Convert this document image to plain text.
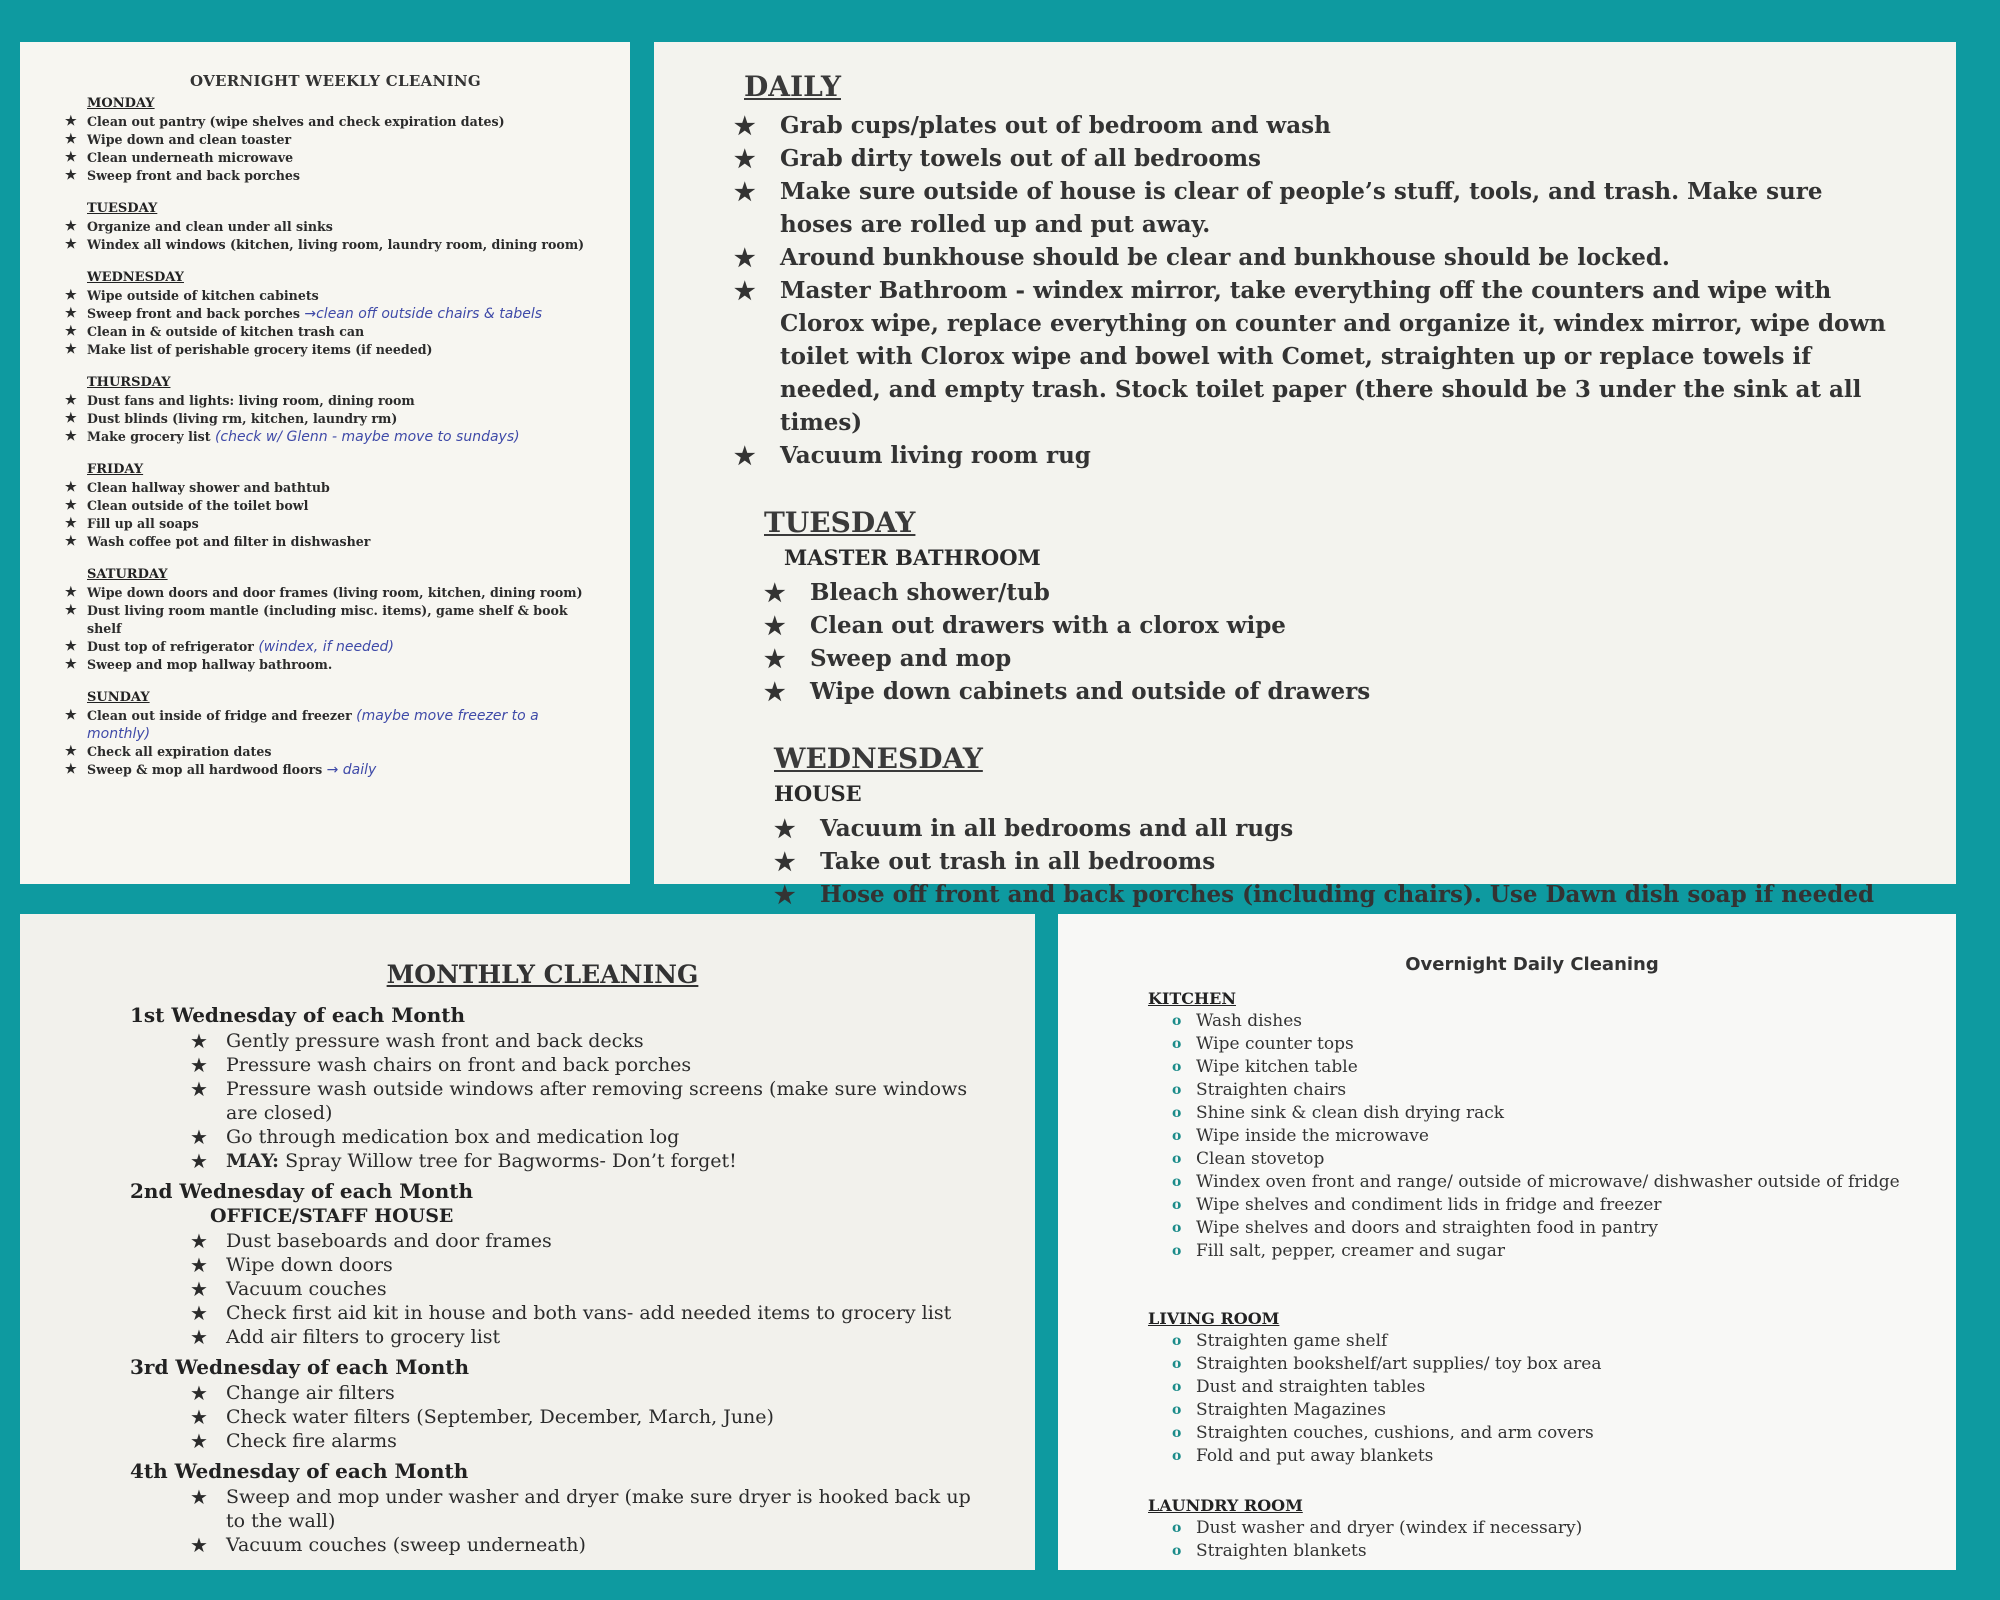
OVERNIGHT WEEKLY CLEANING
MONDAY
★ Clean out pantry (wipe shelves and check expiration dates)
★ Wipe down and clean toaster
★ Clean underneath microwave
★ Sweep front and back porches
TUESDAY
★ Organize and clean under all sinks
★ Windex all windows (kitchen, living room, laundry room, dining room)
WEDNESDAY
★ Wipe outside of kitchen cabinets
★ Sweep front and back porches →clean off outside chairs & tabels
★ Clean in & outside of kitchen trash can
★ Make list of perishable grocery items (if needed)
THURSDAY
★ Dust fans and lights: living room, dining room
★ Dust blinds (living rm, kitchen, laundry rm)
★ Make grocery list (check w/ Glenn - maybe move to sundays)
FRIDAY
★ Clean hallway shower and bathtub
★ Clean outside of the toilet bowl
★ Fill up all soaps
★ Wash coffee pot and filter in dishwasher
SATURDAY
★ Wipe down doors and door frames (living room, kitchen, dining room)
★ Dust living room mantle (including misc. items), game shelf & book shelf
★ Dust top of refrigerator (windex, if needed)
★ Sweep and mop hallway bathroom.
SUNDAY
★ Clean out inside of fridge and freezer (maybe move freezer to a monthly)
★ Check all expiration dates
★ Sweep & mop all hardwood floors → daily
DAILY
★ Grab cups/plates out of bedroom and wash
★ Grab dirty towels out of all bedrooms
★ Make sure outside of house is clear of people’s stuff, tools, and trash. Make sure hoses are rolled up and put away.
★ Around bunkhouse should be clear and bunkhouse should be locked.
★ Master Bathroom - windex mirror, take everything off the counters and wipe with Clorox wipe, replace everything on counter and organize it, windex mirror, wipe down toilet with Clorox wipe and bowel with Comet, straighten up or replace towels if needed, and empty trash. Stock toilet paper (there should be 3 under the sink at all times)
★ Vacuum living room rug
TUESDAY
MASTER BATHROOM
★ Bleach shower/tub
★ Clean out drawers with a clorox wipe
★ Sweep and mop
★ Wipe down cabinets and outside of drawers
WEDNESDAY
HOUSE
★ Vacuum in all bedrooms and all rugs
★ Take out trash in all bedrooms
★ Hose off front and back porches (including chairs). Use Dawn dish soap if needed
MONTHLY CLEANING
1st Wednesday of each Month
★ Gently pressure wash front and back decks
★ Pressure wash chairs on front and back porches
★ Pressure wash outside windows after removing screens (make sure windows are closed)
★ Go through medication box and medication log
★ MAY: Spray Willow tree for Bagworms- Don’t forget!
2nd Wednesday of each Month
OFFICE/STAFF HOUSE
★ Dust baseboards and door frames
★ Wipe down doors
★ Vacuum couches
★ Check first aid kit in house and both vans- add needed items to grocery list
★ Add air filters to grocery list
3rd Wednesday of each Month
★ Change air filters
★ Check water filters (September, December, March, June)
★ Check fire alarms
4th Wednesday of each Month
★ Sweep and mop under washer and dryer (make sure dryer is hooked back up to the wall)
★ Vacuum couches (sweep underneath)
Overnight Daily Cleaning
KITCHEN
o Wash dishes
o Wipe counter tops
o Wipe kitchen table
o Straighten chairs
o Shine sink & clean dish drying rack
o Wipe inside the microwave
o Clean stovetop
o Windex oven front and range/ outside of microwave/ dishwasher outside of fridge
o Wipe shelves and condiment lids in fridge and freezer
o Wipe shelves and doors and straighten food in pantry
o Fill salt, pepper, creamer and sugar
LIVING ROOM
o Straighten game shelf
o Straighten bookshelf/art supplies/ toy box area
o Dust and straighten tables
o Straighten Magazines
o Straighten couches, cushions, and arm covers
o Fold and put away blankets
LAUNDRY ROOM
o Dust washer and dryer (windex if necessary)
o Straighten blankets
